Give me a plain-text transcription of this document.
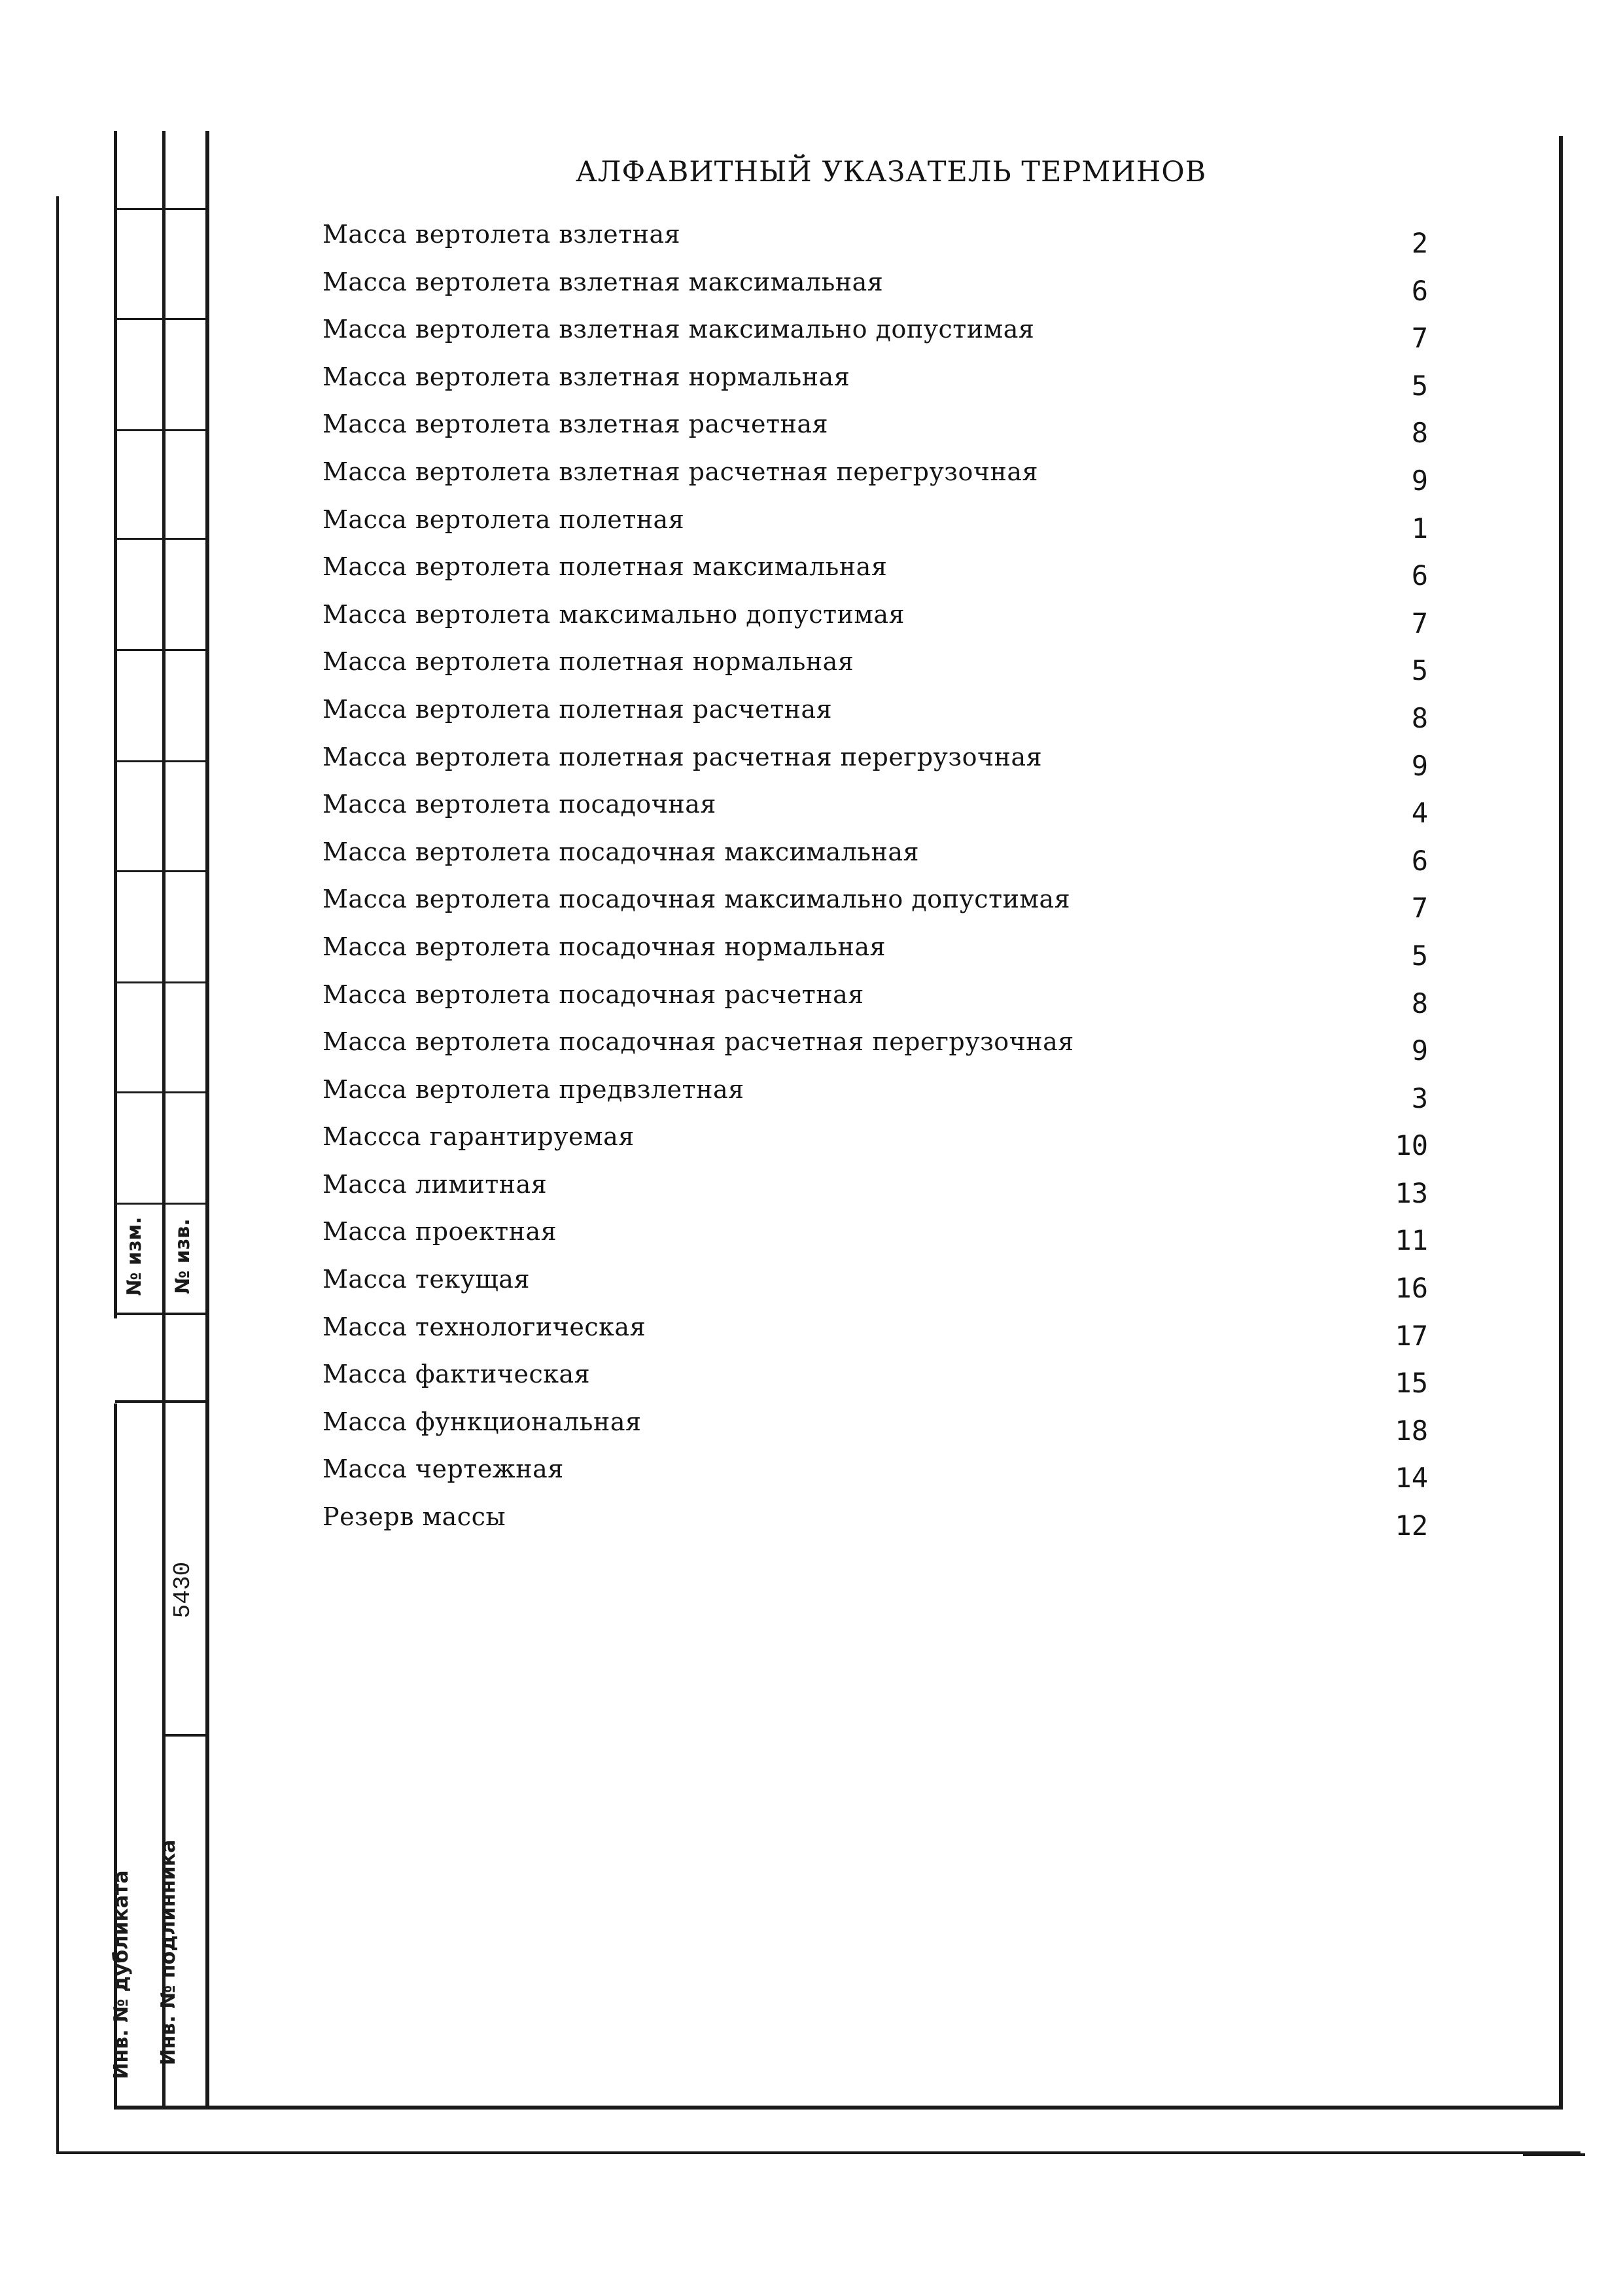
№ изм. № изв.
5430
Инв. № дубликата Инв. № подлинника
АЛФАВИТНЫЙ УКАЗАТЕЛЬ ТЕРМИНОВ
Масса вертолета взлетная	2
Масса вертолета взлетная максимальная	6
Масса вертолета взлетная максимально допустимая	7
Масса вертолета взлетная нормальная	5
Масса вертолета взлетная расчетная	8
Масса вертолета взлетная расчетная перегрузочная	9
Масса вертолета полетная	1
Масса вертолета полетная максимальная	6
Масса вертолета максимально допустимая	7
Масса вертолета полетная нормальная	5
Масса вертолета полетная расчетная	8
Масса вертолета полетная расчетная перегрузочная	9
Масса вертолета посадочная	4
Масса вертолета посадочная максимальная	6
Масса вертолета посадочная максимально допустимая	7
Масса вертолета посадочная нормальная	5
Масса вертолета посадочная расчетная	8
Масса вертолета посадочная расчетная перегрузочная	9
Масса вертолета предвзлетная	3
Массса гарантируемая	10
Масса лимитная	13
Масса проектная	11
Масса текущая	16
Масса технологическая	17
Масса фактическая	15
Масса функциональная	18
Масса чертежная	14
Резерв массы	12
